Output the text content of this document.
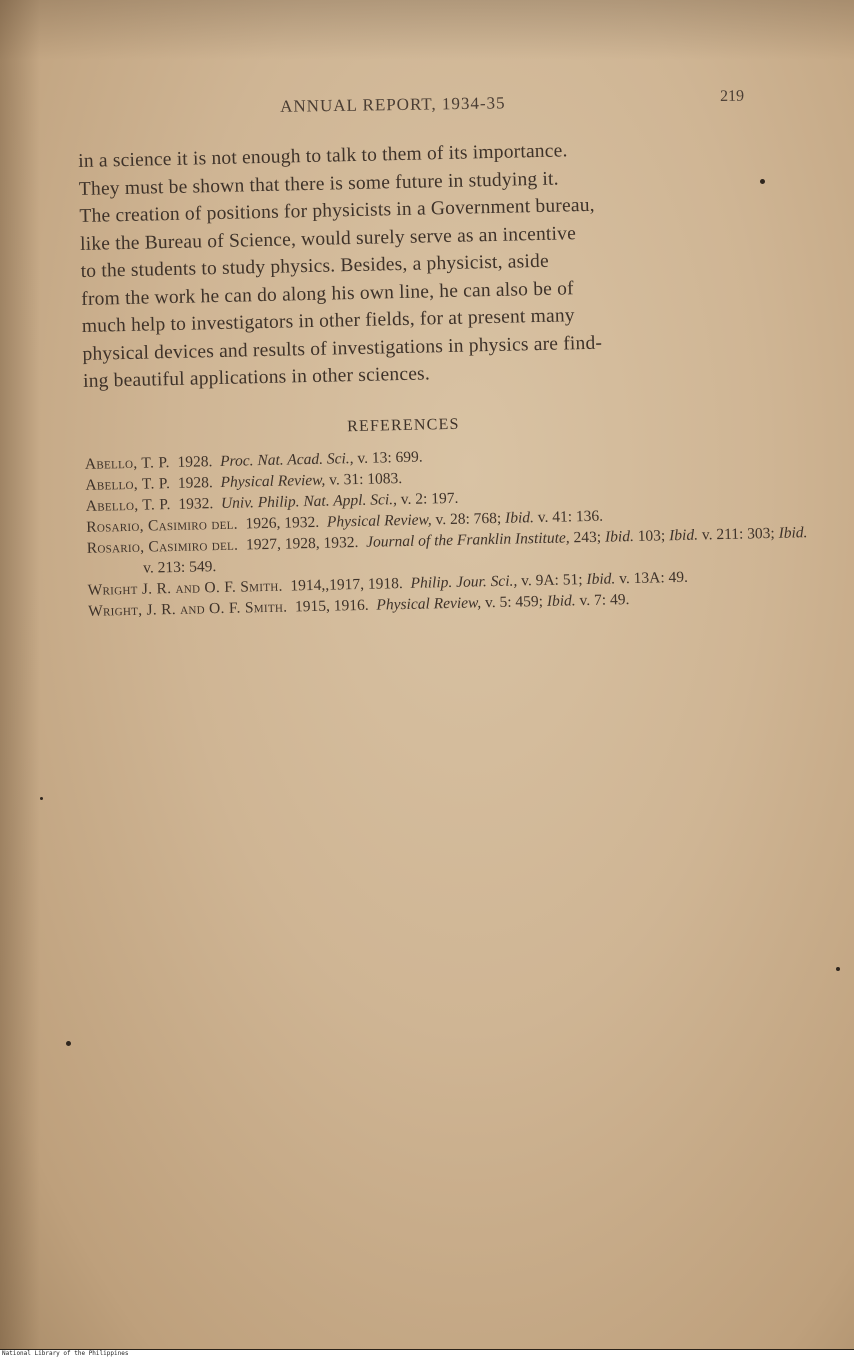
ANNUAL REPORT, 1934-35	219
in a science it is not enough to talk to them of its importance.
They must be shown that there is some future in studying it.
The creation of positions for physicists in a Government bureau,
like the Bureau of Science, would surely serve as an incentive
to the students to study physics. Besides, a physicist, aside
from the work he can do along his own line, he can also be of
much help to investigators in other fields, for at present many
physical devices and results of investigations in physics are find-
ing beautiful applications in other sciences.
REFERENCES
Abello, T. P. 1928. Proc. Nat. Acad. Sci., v. 13: 699.
Abello, T. P. 1928. Physical Review, v. 31: 1083.
Abello, T. P. 1932. Univ. Philip. Nat. Appl. Sci., v. 2: 197.
Rosario, Casimiro del. 1926, 1932. Physical Review, v. 28: 768; Ibid. v. 41: 136.
Rosario, Casimiro del. 1927, 1928, 1932. Journal of the Franklin Institute, 243; Ibid. 103; Ibid. v. 211: 303; Ibid. v. 213: 549.
Wright J. R. and O. F. Smith. 1914,,1917, 1918. Philip. Jour. Sci., v. 9A: 51; Ibid. v. 13A: 49.
Wright, J. R. and O. F. Smith. 1915, 1916. Physical Review, v. 5: 459; Ibid. v. 7: 49.
National Library of the Philippines
